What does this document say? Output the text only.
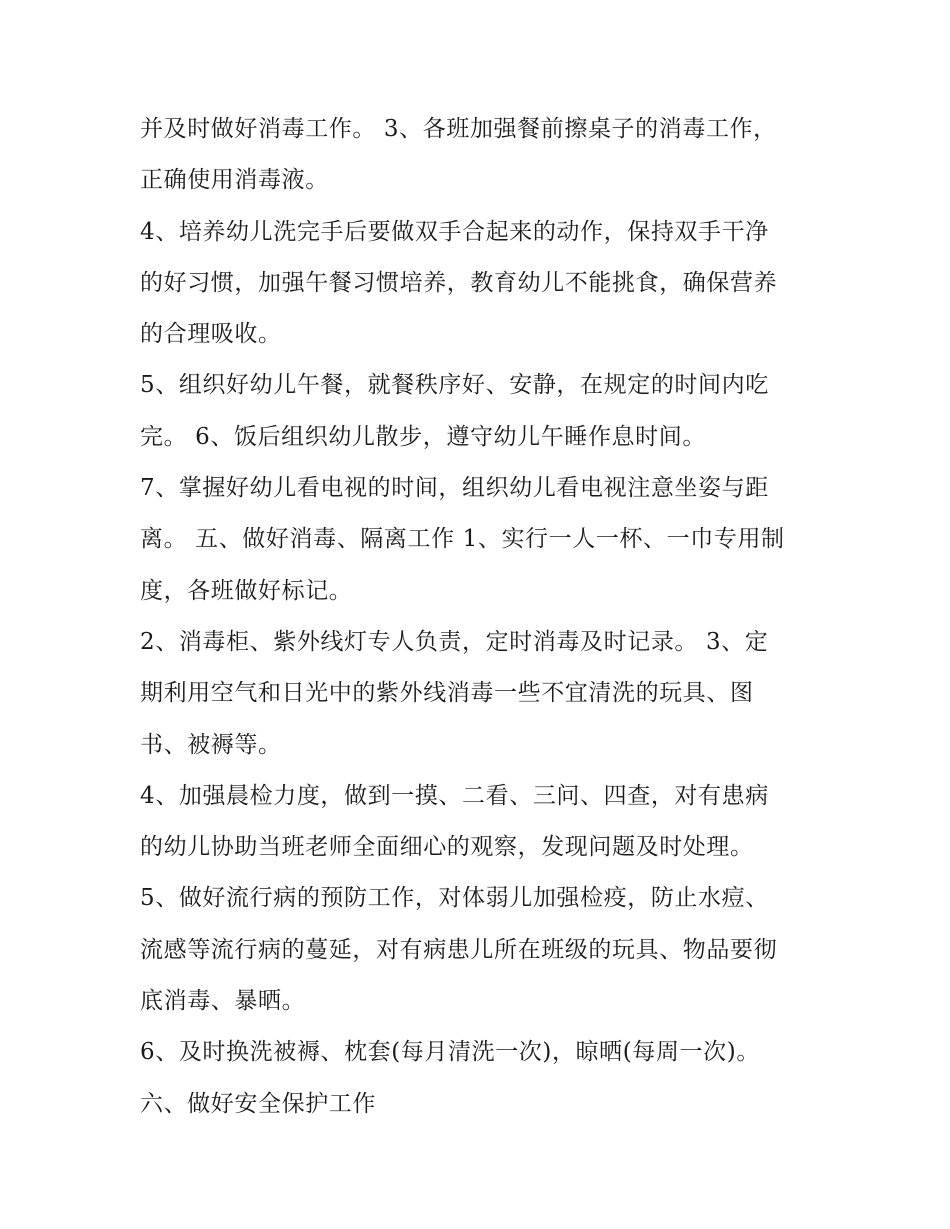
并及时做好消毒工作。 3、各班加强餐前擦桌子的消毒工作，
正确使用消毒液。
4、培养幼儿洗完手后要做双手合起来的动作，保持双手干净
的好习惯，加强午餐习惯培养，教育幼儿不能挑食，确保营养
的合理吸收。
5、组织好幼儿午餐，就餐秩序好、安静，在规定的时间内吃
完。 6、饭后组织幼儿散步，遵守幼儿午睡作息时间。
7、掌握好幼儿看电视的时间，组织幼儿看电视注意坐姿与距
离。 五、做好消毒、隔离工作 1、实行一人一杯、一巾专用制
度，各班做好标记。
2、消毒柜、紫外线灯专人负责，定时消毒及时记录。 3、定
期利用空气和日光中的紫外线消毒一些不宜清洗的玩具、图
书、被褥等。
4、加强晨检力度，做到一摸、二看、三问、四查，对有患病
的幼儿协助当班老师全面细心的观察，发现问题及时处理。
5、做好流行病的预防工作，对体弱儿加强检疫，防止水痘、
流感等流行病的蔓延，对有病患儿所在班级的玩具、物品要彻
底消毒、暴晒。
6、及时换洗被褥、枕套(每月清洗一次)，晾晒(每周一次)。
六、做好安全保护工作
